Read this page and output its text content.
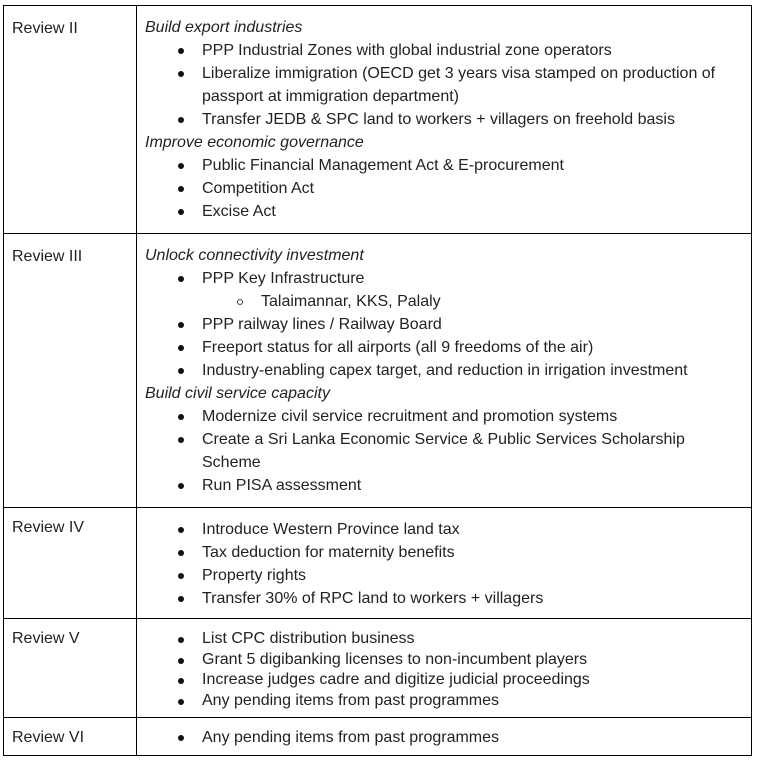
Review II	Build export industries
PPP Industrial Zones with global industrial zone operators
Liberalize immigration (OECD get 3 years visa stamped on production of passport at immigration department)
Transfer JEDB & SPC land to workers + villagers on freehold basis
Improve economic governance
Public Financial Management Act & E-procurement
Competition Act
Excise Act

Review III	Unlock connectivity investment
PPP Key Infrastructure
Talaimannar, KKS, Palaly
PPP railway lines / Railway Board
Freeport status for all airports (all 9 freedoms of the air)
Industry-enabling capex target, and reduction in irrigation investment
Build civil service capacity
Modernize civil service recruitment and promotion systems
Create a Sri Lanka Economic Service & Public Services Scholarship Scheme
Run PISA assessment

Review IV	Introduce Western Province land tax
Tax deduction for maternity benefits
Property rights
Transfer 30% of RPC land to workers + villagers

Review V	List CPC distribution business
Grant 5 digibanking licenses to non-incumbent players
Increase judges cadre and digitize judicial proceedings
Any pending items from past programmes

Review VI	Any pending items from past programmes
